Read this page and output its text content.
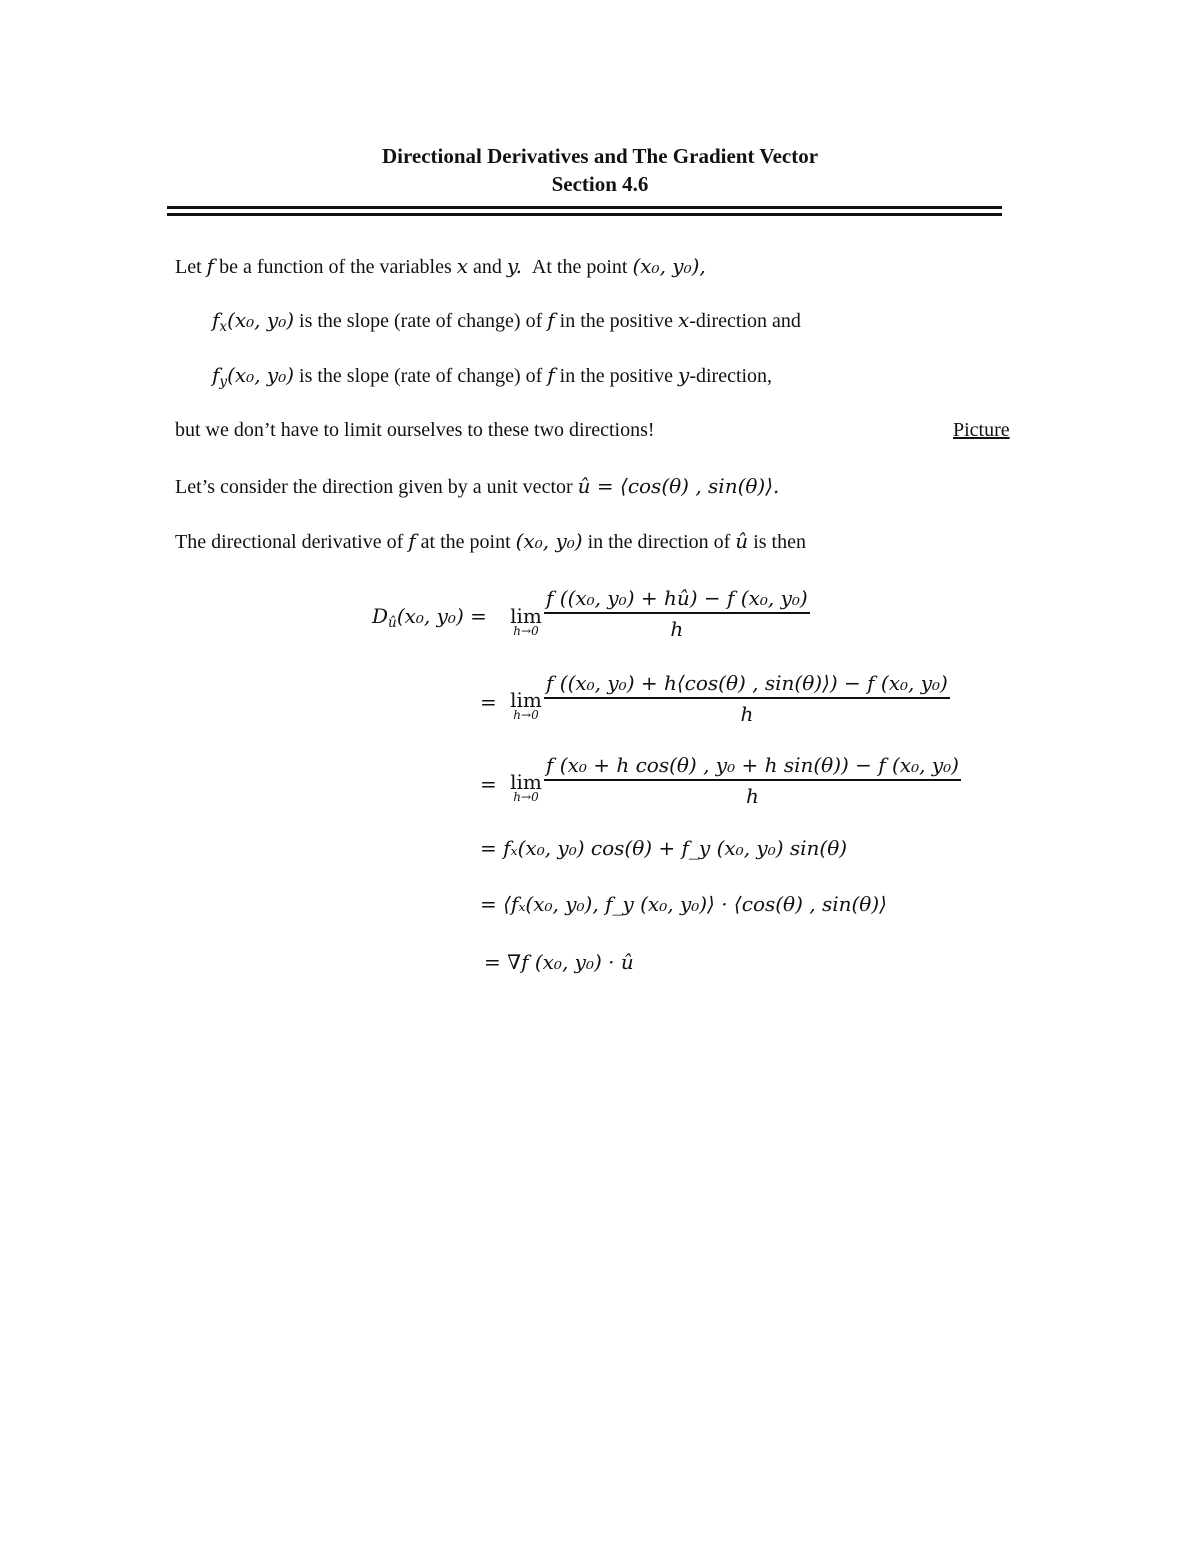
Directional Derivatives and The Gradient Vector
Section 4.6
Let f be a function of the variables x and y. At the point (x₀, y₀),
$f_x(x_0$, y₀) is the slope (rate of change) of f in the positive x-direction and
$f_y(x_0$, y₀) is the slope (rate of change) of f in the positive y-direction,
but we don’t have to limit ourselves to these two directions!	Picture
Let’s consider the direction given by a unit vector û = ⟨cos(θ) , sin(θ)⟩.
The directional derivative of f at the point (x₀, y₀) in the direction of û is then
$D_û(x_0$, y₀) =	lim
h→0
f ((x₀, y₀) + hû) − f (x₀, y₀)
h
= lim
h→0
f ((x₀, y₀) + h⟨cos(θ) , sin(θ)⟩) − f (x₀, y₀)
h
= lim
h→0
f (x₀ + h cos(θ) , y₀ + h sin(θ)) − f (x₀, y₀)
h
= fₓ(x₀, y₀) cos(θ) + f_y (x₀, y₀) sin(θ)
= ⟨fₓ(x₀, y₀), f_y (x₀, y₀)⟩ · ⟨cos(θ) , sin(θ)⟩
= ∇f (x₀, y₀) · û
